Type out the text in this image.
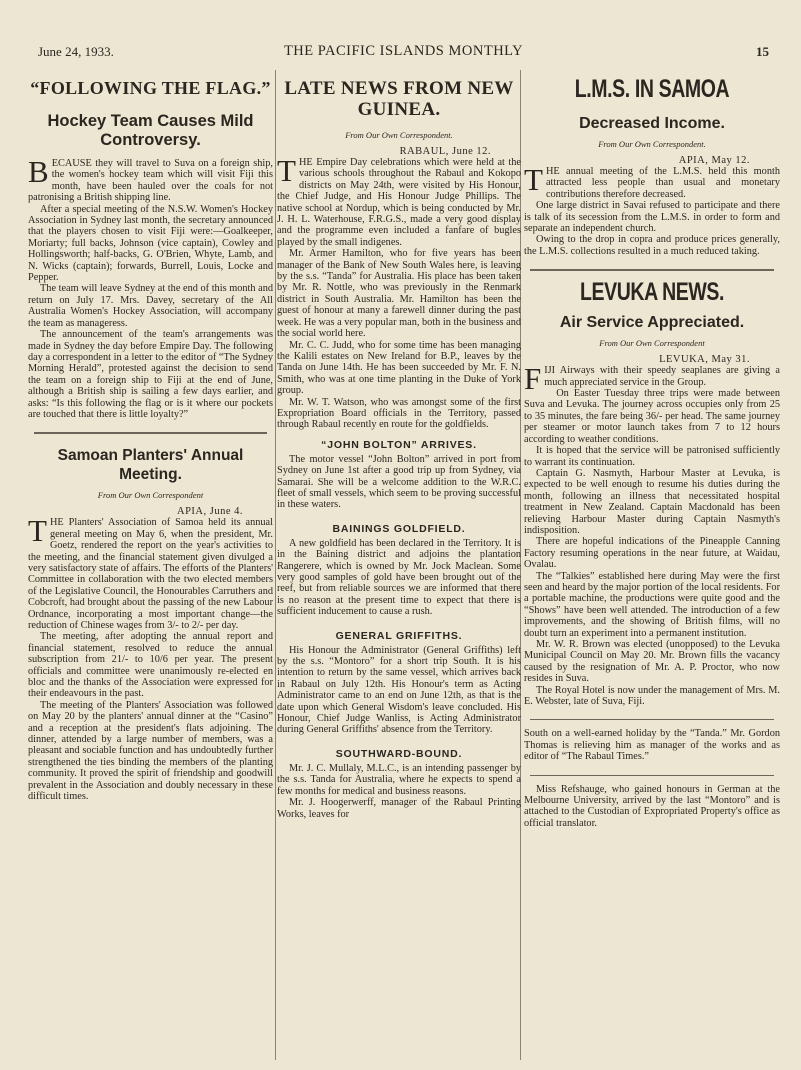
June 24, 1933.	THE PACIFIC ISLANDS MONTHLY	15
“FOLLOWING THE FLAG.”
Hockey Team Causes Mild Controversy.

BECAUSE they will travel to Suva on a foreign ship, the women's hockey team which will visit Fiji this month, have been hauled over the coals for not patronising a British shipping line.

After a special meeting of the N.S.W. Women's Hockey Association in Sydney last month, the secretary announced that the players chosen to visit Fiji were:—Goalkeeper, Moriarty; full backs, Johnson (vice captain), Cowley and Hollingsworth; half-backs, G. O'Brien, Whyte, Lamb, and N. Wicks (captain); forwards, Burrell, Louis, Locke and Pepper.

The team will leave Sydney at the end of this month and return on July 17. Mrs. Davey, secretary of the All Australia Women's Hockey Association, will accompany the team as manageress.

The announcement of the team's arrangements was made in Sydney the day before Empire Day. The following day a correspondent in a letter to the editor of “The Sydney Morning Herald”, protested against the decision to send the team on a foreign ship to Fiji at the end of June, although a British ship is sailing a few days earlier, and asks: “Is this following the flag or is it where our pockets are touched that there is little loyalty?”

Samoan Planters' Annual Meeting.
From Our Own Correspondent
APIA, June 4.

THE Planters' Association of Samoa held its annual general meeting on May 6, when the president, Mr. Goetz, rendered the report on the year's activities to the meeting, and the financial statement given divulged a very satisfactory state of affairs. The efforts of the Planters' Committee in collaboration with the two elected members of the Legislative Council, the Honourables Carruthers and Cobcroft, had brought about the passing of the new Labour Ordnance, incorporating a most important change—the reduction of Chinese wages from 3/- to 2/- per day.

The meeting, after adopting the annual report and financial statement, resolved to reduce the annual subscription from 21/- to 10/6 per year. The present officials and committee were unanimously re-elected en bloc and the thanks of the Association were expressed for their endeavours in the past.

The meeting of the Planters' Association was followed on May 20 by the planters' annual dinner at the “Casino” and a reception at the president's flats adjoining. The dinner, attended by a large number of members, was a pleasant and sociable function and has undoubtedly further strengthened the ties binding the members of the planting community. It proved the spirit of friendship and goodwill prevalent in the Association and doubly necessary in these difficult times.

LATE NEWS FROM NEW GUINEA.
From Our Own Correspondent.
RABAUL, June 12.

THE Empire Day celebrations which were held at the various schools throughout the Rabaul and Kokopo districts on May 24th, were visited by His Honour, the Chief Judge, and His Honour Judge Phillips. The native school at Nordup, which is being conducted by Mr. J. H. L. Waterhouse, F.R.G.S., made a very good display and the programme even included a fanfare of bugles played by the small indigenes.

Mr. Armer Hamilton, who for five years has been manager of the Bank of New South Wales here, is leaving by the s.s. “Tanda” for Australia. His place has been taken by Mr. R. Nottle, who was previously in the Renmark district in South Australia. Mr. Hamilton has been the guest of honour at many a farewell dinner during the past week. He was a very popular man, both in the business and the social world here.

Mr. C. C. Judd, who for some time has been managing the Kalili estates on New Ireland for B.P., leaves by the Tanda on June 14th. He has been succeeded by Mr. F. N. Smith, who was at one time planting in the Duke of York group.

Mr. W. T. Watson, who was amongst some of the first Expropriation Board officials in the Territory, passed through Rabaul recently en route for the goldfields.

“JOHN BOLTON” ARRIVES.

The motor vessel “John Bolton” arrived in port from Sydney on June 1st after a good trip up from Sydney, via Samarai. She will be a welcome addition to the W.R.C. fleet of small vessels, which seem to be proving successful in these waters.

BAININGS GOLDFIELD.

A new goldfield has been declared in the Territory. It is in the Baining district and adjoins the plantation Rangerere, which is owned by Mr. Jock Maclean. Some very good samples of gold have been brought out of the reef, but from reliable sources we are informed that there is no reason at the present time to expect that there is sufficient inducement to cause a rush.

GENERAL GRIFFITHS.

His Honour the Administrator (General Griffiths) left by the s.s. “Montoro” for a short trip South. It is his intention to return by the same vessel, which arrives back in Rabaul on July 12th. His Honour's term as Acting Administrator came to an end on June 12th, as that is the date upon which General Wisdom's leave concluded. His Honour, Chief Judge Wanliss, is Acting Administrator during General Griffiths' absence from the Territory.

SOUTHWARD-BOUND.

Mr. J. C. Mullaly, M.L.C., is an intending passenger by the s.s. Tanda for Australia, where he expects to spend a few months for medical and business reasons.

Mr. J. Hoogerwerff, manager of the Rabaul Printing Works, leaves for

L.M.S. IN SAMOA
Decreased Income.
From Our Own Correspondent.
APIA, May 12.

THE annual meeting of the L.M.S. held this month attracted less people than usual and monetary contributions therefore decreased.

One large district in Savai refused to participate and there is talk of its secession from the L.M.S. in order to form and separate an independent church.

Owing to the drop in copra and produce prices generally, the L.M.S. collections resulted in a much reduced taking.

LEVUKA NEWS.
Air Service Appreciated.
From Our Own Correspondent
LEVUKA, May 31.

FIJI Airways with their speedy seaplanes are giving a much appreciated service in the Group.

On Easter Tuesday three trips were made between Suva and Levuka. The journey across occupies only from 25 to 35 minutes, the fare being 36/- per head. The same journey per steamer or motor launch takes from 7 to 12 hours according to weather conditions.

It is hoped that the service will be patronised sufficiently to warrant its continuation.

Captain G. Nasmyth, Harbour Master at Levuka, is expected to be well enough to resume his duties during the month, following an illness that necessitated hospital treatment in New Zealand. Captain Macdonald has been relieving Harbour Master during Captain Nasmyth's indisposition.

There are hopeful indications of the Pineapple Canning Factory resuming operations in the near future, at Waidau, Ovalau.

The “Talkies” established here during May were the first seen and heard by the major portion of the local residents. For a portable machine, the productions were quite good and the “Shows” have been well attended. The introduction of a few improvements, and the showing of British films, will no doubt turn an experiment into a permanent institution.

Mr. W. R. Brown was elected (unopposed) to the Levuka Municipal Council on May 20. Mr. Brown fills the vacancy caused by the resignation of Mr. A. P. Proctor, who now resides in Suva.

The Royal Hotel is now under the management of Mrs. M. E. Webster, late of Suva, Fiji.

South on a well-earned holiday by the “Tanda.” Mr. Gordon Thomas is relieving him as manager of the works and as editor of “The Rabaul Times.”

Miss Refshauge, who gained honours in German at the Melbourne University, arrived by the last “Montoro” and is attached to the Custodian of Expropriated Property's office as official translator.
